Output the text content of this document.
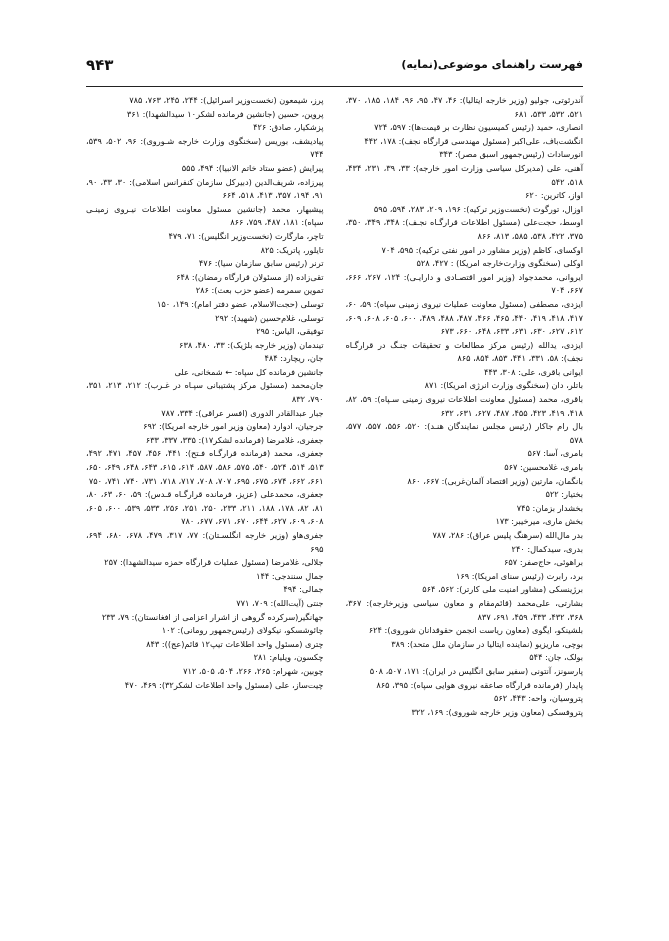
فهرست راهنمای موضوعی(نمایه)
۹۴۳

آندرئوتی، جولیو (وزیر خارجه ایتالیا): ۴۶، ۴۷، ۹۵، ۹۶، ۱۸۴، ۱۸۵، ۳۷۰، ۵۲۱، ۵۳۲، ۵۳۳، ۶۸۱

انصاری، حمید (رئیس کمیسیون نظارت بر قیمت‌ها): ۵۹۷، ۷۲۴

انگشت‌باف، علی‌اکبر (مسئول مهندسی قرارگاه نجف): ۱۷۸، ۴۴۲

انورسادات (رئیس‌جمهور اسبق مصر): ۳۴۳

آهنی، علی (مدیرکل سیاسی وزارت امور خارجه): ۳۳، ۳۹، ۲۳۱، ۴۳۴، ۵۱۸، ۵۴۲

اواز، کاترین: ۶۲۰

اوزال، تورگوت (نخست‌وزیر ترکیه): ۱۹۶، ۲۰۹، ۲۸۳، ۵۹۴، ۵۹۵

اوسط، حجت‌علی (مسئول اطلاعات قرارگـاه نجـف): ۳۴۸، ۳۴۹، ۳۵۰، ۳۷۵، ۴۲۲، ۵۳۸، ۵۸۵، ۸۱۳، ۸۶۶

اوکسای، کاظم (وزیر مشاور در امور نفتی ترکیه): ۵۹۵، ۷۰۴

اوکلی (سخنگوی وزارت‌خارجه امریکا) : ۴۲۷، ۵۲۸

ایروانی، محمدجواد (وزیر امور اقتصـادی و دارایـی): ۱۲۴، ۲۶۷، ۶۶۶، ۶۶۷، ۷۰۴

ایزدی، مصطفی (مسئول معاونت عملیات نیروی زمینی سپاه): ۵۹، ۶۰، ۴۱۷، ۴۱۸، ۴۱۹، ۴۴۰، ۴۶۵، ۴۶۶، ۴۸۷، ۴۸۸، ۴۸۹، ۶۰۰، ۶۰۵، ۶۰۸، ۶۰۹، ۶۱۲، ۶۲۷، ۶۳۰، ۶۳۱، ۶۳۳، ۶۴۸، ۶۶۰، ۶۷۳

ایزدی، یدالله (رئیس مرکز مطالعات و تحقیقات جنـگ در قرارگـاه نجف): ۵۸، ۳۳۱، ۴۴۱، ۸۵۳، ۸۵۴، ۸۶۵

ایوانی باقری، علی: ۳۰۸، ۴۴۳

باتلر، دان (سخنگوی وزارت انرژی امریکا): ۸۷۱

باقری، محمد (مسئول معاونت اطلاعات نیروی زمینی سـپاه): ۵۹، ۸۲، ۴۱۸، ۴۱۹، ۴۲۳، ۴۵۵، ۴۸۷، ۶۲۷، ۶۳۱، ۶۳۲

بال رام جاکار (رئیس مجلس نمایندگان هنـد): ۵۲۰، ۵۵۶، ۵۵۷، ۵۷۷، ۵۷۸

بامری، آسا: ۵۶۷

بامری، غلامحسین: ۵۶۷

بانگمان، مارتین (وزیر اقتصاد آلمان‌غربی): ۶۶۷، ۸۶۰

بختیار: ۵۲۲

بخشدار بزمان: ۷۴۵

بخش ماری، میرخیبر: ۱۷۳

بدر مال‌الله (سرهنگ پلیس عراق): ۲۸۶، ۷۸۷

بدری، سیدکمال: ۲۴۰

براهوئی، حاج‌صفر: ۶۵۷

برد، رابرت (رئیس سنای امریکا): ۱۶۹

برژینسکی (مشاور امنیت ملی کارتر): ۵۶۲، ۵۶۴

بشارتی، علی‌محمد (قائم‌مقام و معاون سیاسی وزیرخارجه): ۳۶۷، ۳۶۸، ۴۳۲، ۴۳۳، ۴۵۹، ۶۹۱، ۸۳۷

بلشینکو، ایگوی (معاون ریاست انجمن حقوقدانان شوروی): ۶۲۴

بوچی، ماریزیو (نماینده ایتالیا در سازمان ملل متحد): ۳۸۹

بولک، جان: ۵۴۴

پارسونز، آنتونی (سفیر سابق انگلیس در ایران): ۱۷۱، ۵۰۷، ۵۰۸

پایدار (فرمانده قرارگاه صاعقه نیروی هوایی سپاه): ۳۹۵، ۸۶۵

پتروسیان، واحه: ۴۴۳، ۵۶۲

پتروفسکی (معاون وزیر خارجه شوروی): ۱۶۹، ۳۲۲

پرز، شیمعون (نخست‌وزیر اسرائیل): ۲۴۴، ۲۴۵، ۷۶۳، ۷۸۵

پروین، حسین (جانشین فرمانده لشکر۱۰ سیدالشهدا): ۳۶۱

پزشکیار، صادق: ۴۲۶

پیادیشف، بوریس (سخنگوی وزارت خارجه شـوروی): ۹۶، ۵۰۲، ۵۳۹، ۷۴۴

پیرایش (عضو ستاد خاتم الانبیا): ۴۹۴، ۵۵۵

پیرزاده، شریف‌الدین (دبیرکل سازمان کنفرانس اسلامی): ۳۰، ۳۳، ۹۰، ۹۱، ۱۹۴، ۳۵۷، ۴۱۳، ۵۱۸، ۶۶۴

پیشبهار، محمد (جانشین مسئول معاونت اطلاعات نیـروی زمینـی سپاه): ۱۸۱، ۴۸۷، ۷۵۹، ۸۶۶

تاچر، مارگارت (نخست‌وزیر انگلیس): ۷۱، ۴۷۹

تایلور، پاتریک: ۸۲۵

ترنر (رئیس سابق سازمان سیا): ۴۷۶

تقی‌زاده (از مسئولان قرارگاه رمضان): ۶۴۸

تموین سمرمه (عضو حزب بعث): ۲۸۶

توسلی (حجت‌الاسلام، عضو دفتر امام): ۱۴۹، ۱۵۰

توسلی، غلام‌حسین (شهید): ۲۹۲

توفیقی، الیاس: ۲۹۵

تیندمان (وزیر خارجه بلژیک): ۳۳، ۴۸۰، ۶۳۸

جان، ریچارد: ۴۸۴

جانشین فرمانده کل سپاه: ← شمخانی، علی

جان‌محمد (مسئول مرکز پشتیبانی سپـاه در غـرب): ۲۱۲، ۲۱۳، ۳۵۱، ۷۹۰، ۸۳۲

جبار عبدالقادر الدوری (افسر عراقی): ۳۳۴، ۷۸۷

جرجیان، ادوارد (معاون وزیر امور خارجه امریکا): ۶۹۲

جعفری، غلامرضا (فرمانده لشکر۱۷): ۳۳۵، ۳۳۷، ۶۳۳

جعفری، محمد (فرمانده قرارگـاه فـتح): ۴۴۱، ۴۵۶، ۴۵۷، ۴۷۱، ۴۹۲، ۵۱۳، ۵۱۴، ۵۲۴، ۵۴۰، ۵۷۵، ۵۸۶، ۵۸۷، ۶۱۴، ۶۱۵، ۶۴۳، ۶۴۸، ۶۴۹، ۶۵۰، ۶۶۱، ۶۶۲، ۶۷۴، ۶۷۵، ۶۹۵، ۷۰۷، ۷۰۸، ۷۱۷، ۷۱۸، ۷۳۱، ۷۴۰، ۷۴۱، ۷۵۰

جعفری، محمدعلی (عزیز، فرمانده قرارگـاه قـدس): ۵۹، ۶۰، ۶۳، ۸۰، ۸۱، ۸۲، ۱۷۸، ۱۸۸، ۲۱۱، ۲۳۳، ۲۵۰، ۲۵۱، ۲۵۶، ۵۳۳، ۵۳۹، ۶۰۰، ۶۰۵، ۶۰۸، ۶۰۹، ۶۲۷، ۶۴۴، ۶۷۰، ۶۷۱، ۶۷۷، ۷۸۰

جفری‌هاو (وزیر خارجه انگلسـتان): ۷۷، ۳۱۷، ۴۷۹، ۶۷۸، ۶۸۰، ۶۹۴، ۶۹۵

جلالی، غلامرضا (مسئول عملیات قرارگاه حمزه سیدالشهدا): ۲۵۷

جمال سنندجی: ۱۴۴

جمالی: ۴۹۴

جنتی (آیت‌الله): ۷۰۹، ۷۷۱

جهانگیر(سرکرده گروهی از اشرار اعزامی از افغانستان): ۷۹، ۲۳۳

چائوشسکو، نیکولای (رئیس‌جمهور رومانی): ۱۰۲

چتری (مسئول واحد اطلاعات تیپ۱۲ قائم(عج)): ۸۴۳

چکسون، ویلیام: ۲۸۱

چوبین، شهرام: ۲۶۵، ۲۶۶، ۵۰۴، ۵۰۵، ۷۱۲

چیت‌ساز، علی (مسئول واحد اطلاعات لشکر۳۲): ۴۶۹، ۴۷۰
